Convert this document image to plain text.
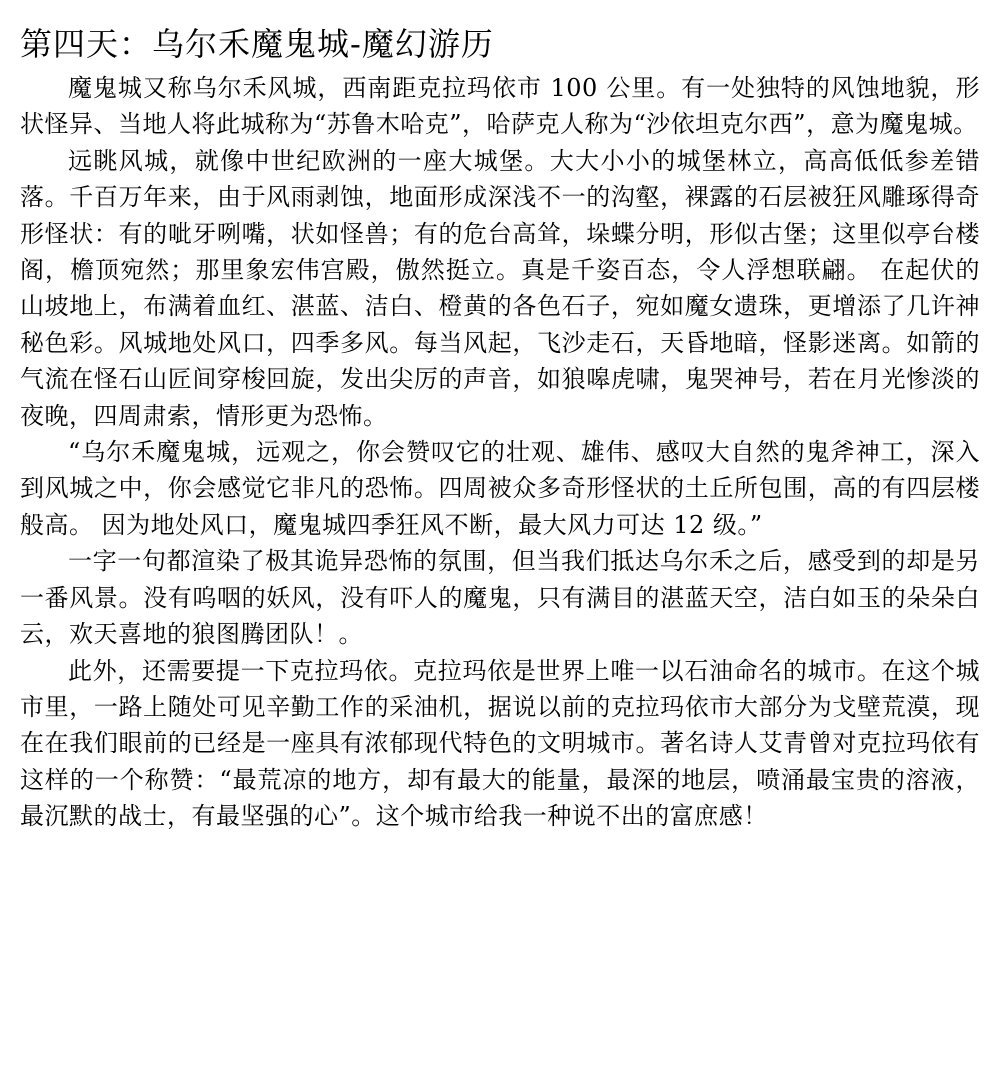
第四天：乌尔禾魔鬼城-魔幻游历

魔鬼城又称乌尔禾风城，西南距克拉玛依市 100 公里。有一处独特的风蚀地貌，形状怪异、当地人将此城称为“苏鲁木哈克”，哈萨克人称为“沙依坦克尔西”，意为魔鬼城。

远眺风城，就像中世纪欧洲的一座大城堡。大大小小的城堡林立，高高低低参差错落。千百万年来，由于风雨剥蚀，地面形成深浅不一的沟壑，裸露的石层被狂风雕琢得奇形怪状：有的呲牙咧嘴，状如怪兽；有的危台高耸，垛蝶分明，形似古堡；这里似亭台楼阁，檐顶宛然；那里象宏伟宫殿，傲然挺立。真是千姿百态，令人浮想联翩。 在起伏的山坡地上，布满着血红、湛蓝、洁白、橙黄的各色石子，宛如魔女遗珠，更增添了几许神秘色彩。风城地处风口，四季多风。每当风起，飞沙走石，天昏地暗，怪影迷离。如箭的气流在怪石山匠间穿梭回旋，发出尖厉的声音，如狼嗥虎啸，鬼哭神号，若在月光惨淡的夜晚，四周肃索，情形更为恐怖。

“乌尔禾魔鬼城，远观之，你会赞叹它的壮观、雄伟、感叹大自然的鬼斧神工，深入到风城之中，你会感觉它非凡的恐怖。四周被众多奇形怪状的土丘所包围，高的有四层楼般高。 因为地处风口，魔鬼城四季狂风不断，最大风力可达 12 级。”

一字一句都渲染了极其诡异恐怖的氛围，但当我们抵达乌尔禾之后，感受到的却是另一番风景。没有呜咽的妖风，没有吓人的魔鬼，只有满目的湛蓝天空，洁白如玉的朵朵白云，欢天喜地的狼图腾团队！。

此外，还需要提一下克拉玛依。克拉玛依是世界上唯一以石油命名的城市。在这个城市里，一路上随处可见辛勤工作的采油机，据说以前的克拉玛依市大部分为戈壁荒漠，现在在我们眼前的已经是一座具有浓郁现代特色的文明城市。著名诗人艾青曾对克拉玛依有这样的一个称赞：“最荒凉的地方，却有最大的能量，最深的地层，喷涌最宝贵的溶液，最沉默的战士，有最坚强的心”。这个城市给我一种说不出的富庶感！
